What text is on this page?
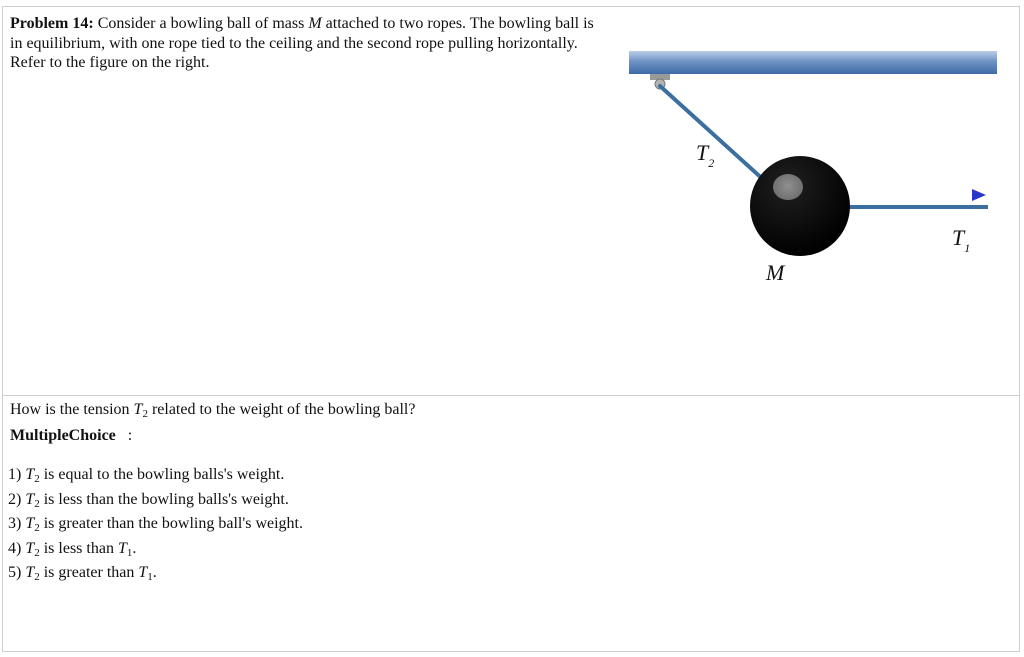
Problem 14: Consider a bowling ball of mass M attached to two ropes. The bowling ball is in equilibrium, with one rope tied to the ceiling and the second rope pulling horizontally. Refer to the figure on the right.
$T_2$
$T_1$
M
How is the tension $T_2$ related to the weight of the bowling ball?
MultipleChoice :
1) $T_2$ is equal to the bowling balls's weight.
2) $T_2$ is less than the bowling balls's weight.
3) $T_2$ is greater than the bowling ball's weight.
4) $T_2$ is less than $T_1$.
5) $T_2$ is greater than $T_1$.
